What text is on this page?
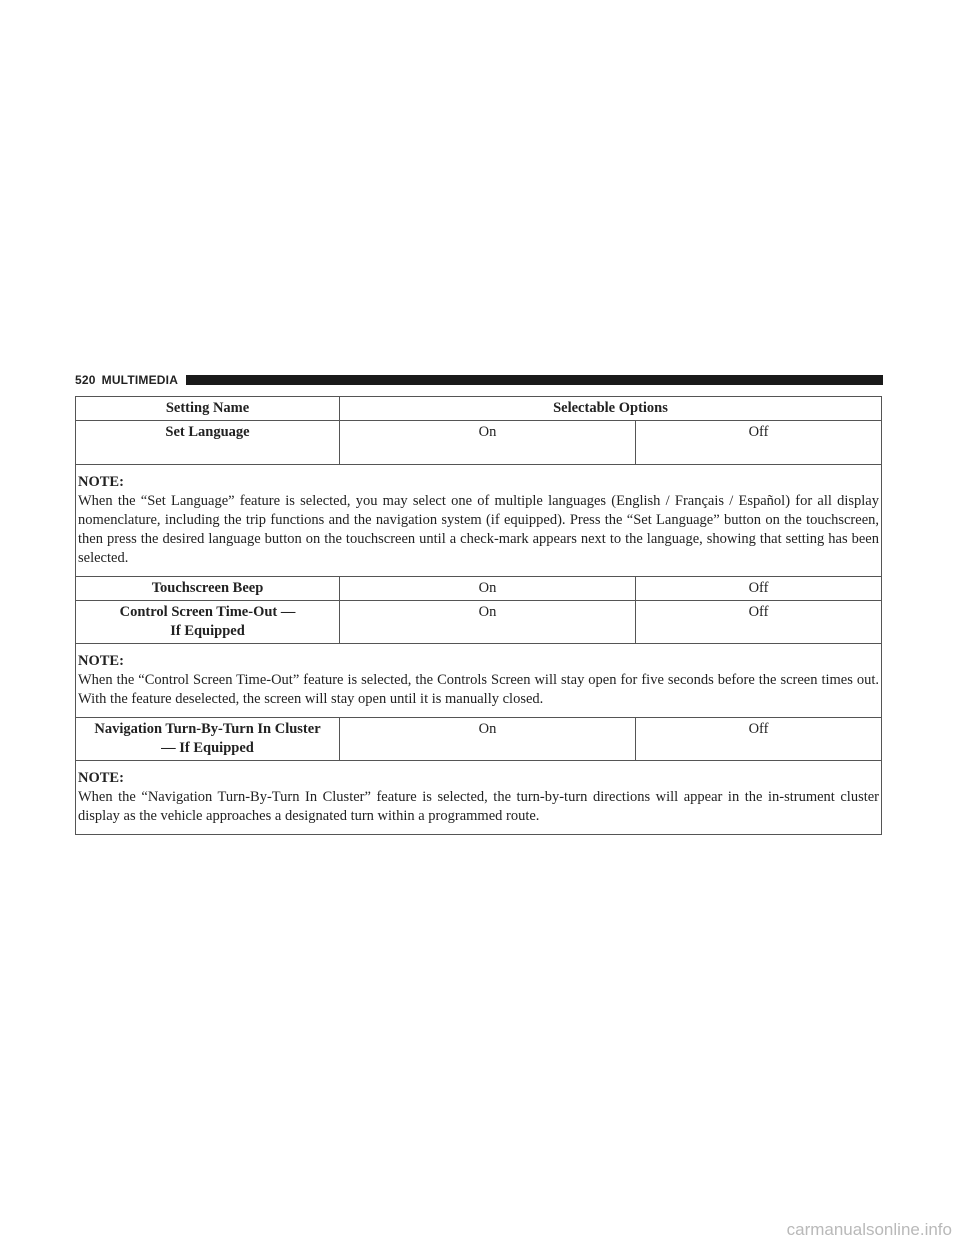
520 MULTIMEDIA
Setting Name	Selectable Options	
Set Language	On	Off

NOTE:
When the “Set Language” feature is selected, you may select one of multiple languages (English / Français / Español) for all display nomenclature, including the trip functions and the navigation system (if equipped). Press the “Set Language” button on the touchscreen, then press the desired language button on the touchscreen until a check-mark appears next to the language, showing that setting has been selected.		

Touchscreen Beep	On	Off

Control Screen Time-Out —
If Equipped	On	Off

NOTE:
When the “Control Screen Time-Out” feature is selected, the Controls Screen will stay open for five seconds before the screen times out. With the feature deselected, the screen will stay open until it is manually closed.		

Navigation Turn-By-Turn In Cluster
— If Equipped	On	Off

NOTE:
When the “Navigation Turn-By-Turn In Cluster” feature is selected, the turn-by-turn directions will appear in the in-strument cluster display as the vehicle approaches a designated turn within a programmed route.		
carmanualsonline.info
